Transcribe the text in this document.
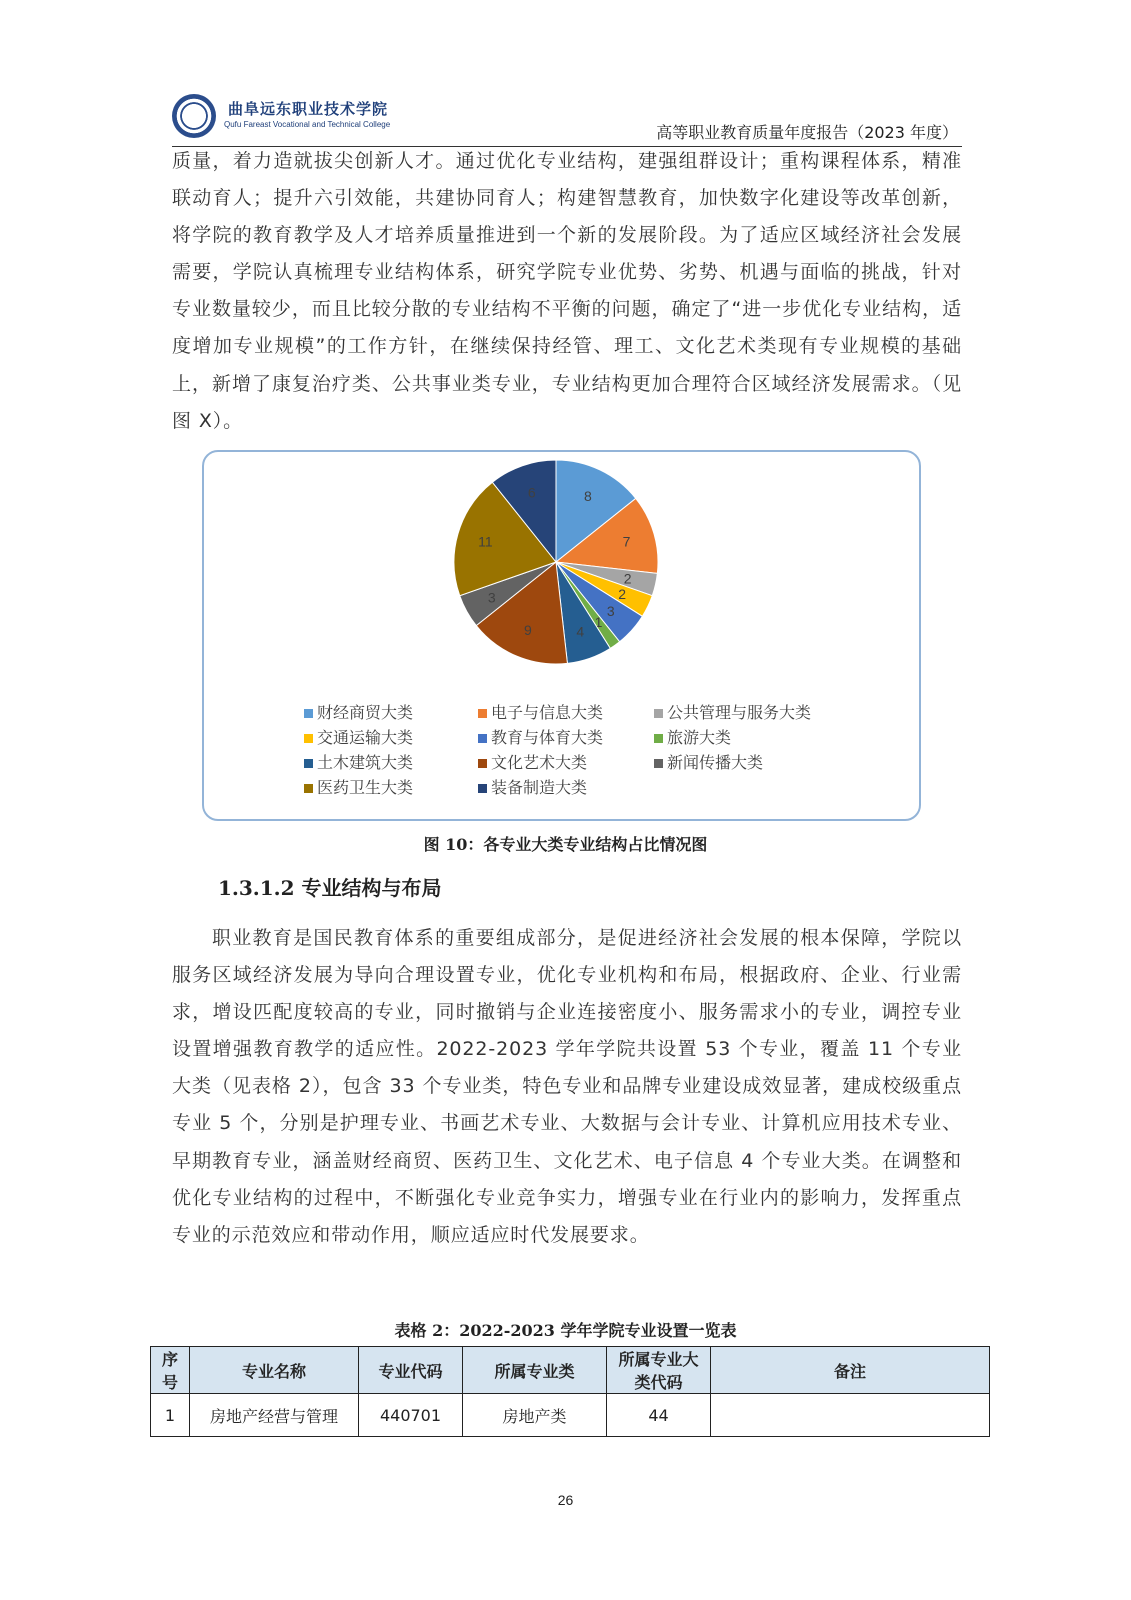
曲阜远东职业技术学院
Qufu Fareast Vocational and Technical College	高等职业教育质量年度报告（2023 年度）
质量，着力造就拔尖创新人才。通过优化专业结构，建强组群设计；重构课程体系，精准联动育人；提升六引效能，共建协同育人；构建智慧教育，加快数字化建设等改革创新，将学院的教育教学及人才培养质量推进到一个新的发展阶段。为了适应区域经济社会发展需要，学院认真梳理专业结构体系，研究学院专业优势、劣势、机遇与面临的挑战，针对专业数量较少，而且比较分散的专业结构不平衡的问题，确定了“进一步优化专业结构，适度增加专业规模”的工作方针，在继续保持经管、理工、文化艺术类现有专业规模的基础上，新增了康复治疗类、公共事业类专业，专业结构更加合理符合区域经济发展需求。（见图 X）。
8
7
2
2
3
1
4
9
3
11
6
财经商贸大类	电子与信息大类	公共管理与服务大类
交通运输大类	教育与体育大类	旅游大类
土木建筑大类	文化艺术大类	新闻传播大类
医药卫生大类	装备制造大类
图 10：各专业大类专业结构占比情况图
1.3.1.2 专业结构与布局
职业教育是国民教育体系的重要组成部分，是促进经济社会发展的根本保障，学院以服务区域经济发展为导向合理设置专业，优化专业机构和布局，根据政府、企业、行业需求，增设匹配度较高的专业，同时撤销与企业连接密度小、服务需求小的专业，调控专业设置增强教育教学的适应性。2022-2023 学年学院共设置 53 个专业，覆盖 11 个专业大类（见表格 2），包含 33 个专业类，特色专业和品牌专业建设成效显著，建成校级重点专业 5 个，分别是护理专业、书画艺术专业、大数据与会计专业、计算机应用技术专业、早期教育专业，涵盖财经商贸、医药卫生、文化艺术、电子信息 4 个专业大类。在调整和优化专业结构的过程中，不断强化专业竞争实力，增强专业在行业内的影响力，发挥重点专业的示范效应和带动作用，顺应适应时代发展要求。
表格 2：2022-2023 学年学院专业设置一览表
序号	专业名称	专业代码	所属专业类	所属专业大类代码	备注
1	房地产经营与管理	440701	房地产类	44	
26
